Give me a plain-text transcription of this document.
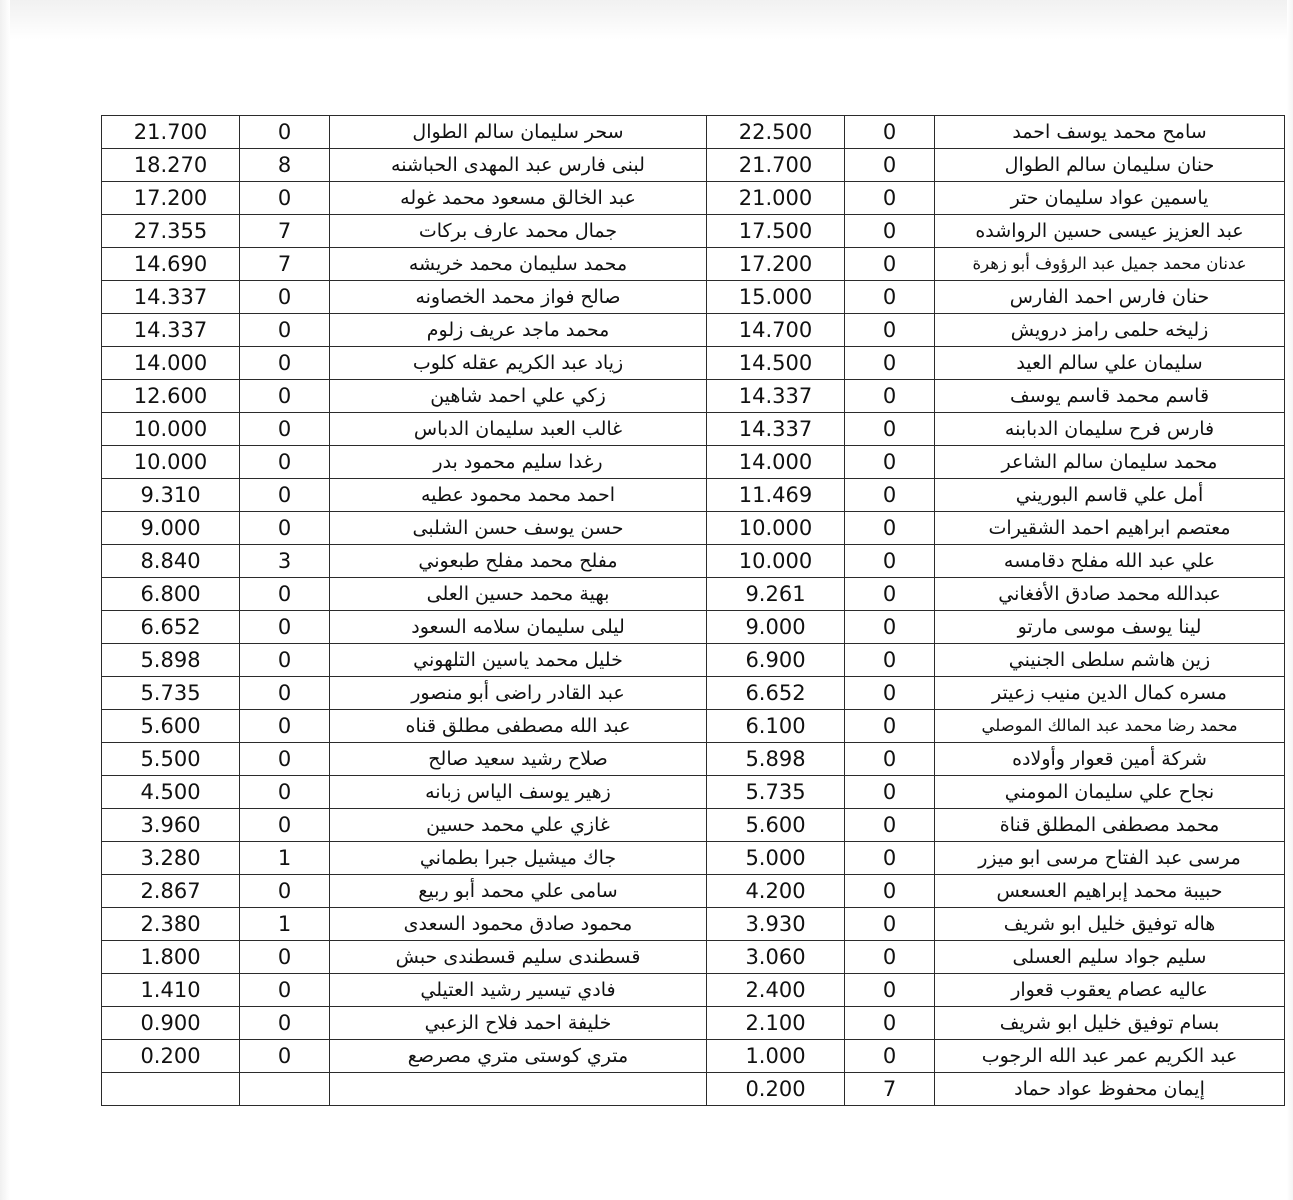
21.700	0	سحر سليمان سالم الطوال	22.500	0	سامح محمد يوسف احمد
18.270	8	لبنى فارس عبد المهدى الحباشنه	21.700	0	حنان سليمان سالم الطوال
17.200	0	عبد الخالق مسعود محمد غوله	21.000	0	ياسمين عواد سليمان حتر
27.355	7	جمال محمد عارف بركات	17.500	0	عبد العزيز عيسى حسين الرواشده
14.690	7	محمد سليمان محمد خريشه	17.200	0	عدنان محمد جميل عبد الرؤوف أبو زهرة
14.337	0	صالح فواز محمد الخصاونه	15.000	0	حنان فارس احمد الفارس
14.337	0	محمد ماجد عريف زلوم	14.700	0	زليخه حلمى رامز درويش
14.000	0	زياد عبد الكريم عقله كلوب	14.500	0	سليمان علي سالم العيد
12.600	0	زكي علي احمد شاهين	14.337	0	قاسم محمد قاسم يوسف
10.000	0	غالب العبد سليمان الدباس	14.337	0	فارس فرح سليمان الدبابنه
10.000	0	رغدا سليم محمود بدر	14.000	0	محمد سليمان سالم الشاعر
9.310	0	احمد محمد محمود عطيه	11.469	0	أمل علي قاسم البوريني
9.000	0	حسن يوسف حسن الشلبى	10.000	0	معتصم ابراهيم احمد الشقيرات
8.840	3	مفلح محمد مفلح طبعوني	10.000	0	علي عبد الله مفلح دقامسه
6.800	0	بهية محمد حسين العلى	9.261	0	عبدالله محمد صادق الأفغاني
6.652	0	ليلى سليمان سلامه السعود	9.000	0	لينا يوسف موسى مارتو
5.898	0	خليل محمد ياسين التلهوني	6.900	0	زين هاشم سلطى الجنيني
5.735	0	عبد القادر راضى أبو منصور	6.652	0	مسره كمال الدين منيب زعيتر
5.600	0	عبد الله مصطفى مطلق قناه	6.100	0	محمد رضا محمد عبد المالك الموصلي
5.500	0	صلاح رشيد سعيد صالح	5.898	0	شركة أمين قعوار وأولاده
4.500	0	زهير يوسف الياس زبانه	5.735	0	نجاح علي سليمان المومني
3.960	0	غازي علي محمد حسين	5.600	0	محمد مصطفى المطلق قناة
3.280	1	جاك ميشيل جبرا بطماني	5.000	0	مرسى عبد الفتاح مرسى ابو ميزر
2.867	0	سامى علي محمد أبو ربيع	4.200	0	حبيبة محمد إبراهيم العسعس
2.380	1	محمود صادق محمود السعدى	3.930	0	هاله توفيق خليل ابو شريف
1.800	0	قسطندى سليم قسطندى حبش	3.060	0	سليم جواد سليم العسلى
1.410	0	فادي تيسير رشيد العتيلي	2.400	0	عاليه عصام يعقوب قعوار
0.900	0	خليفة احمد فلاح الزعبي	2.100	0	بسام توفيق خليل ابو شريف
0.200	0	متري كوستى متري مصرصع	1.000	0	عبد الكريم عمر عبد الله الرجوب
			0.200	7	إيمان محفوظ عواد حماد
